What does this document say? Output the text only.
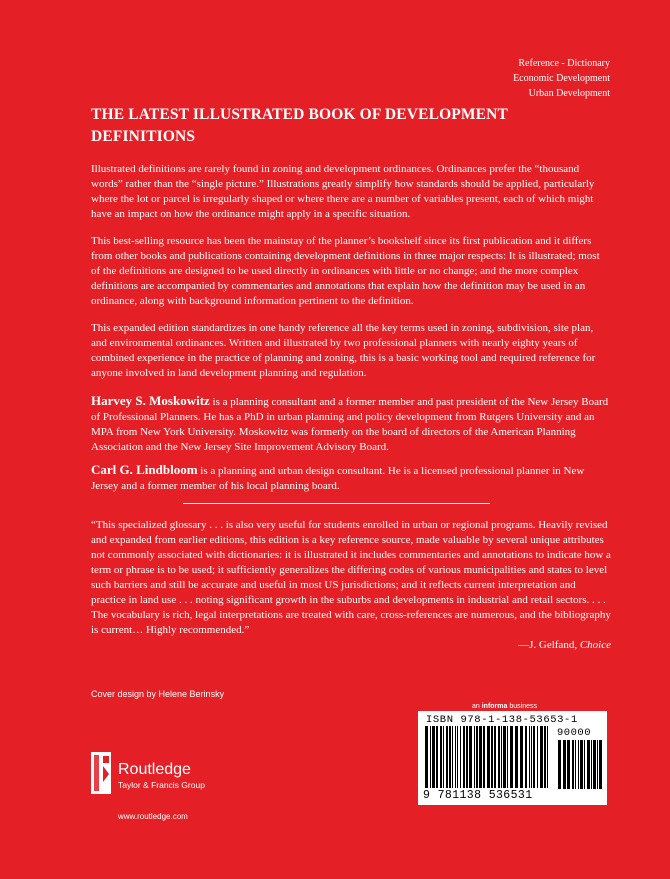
Reference - Dictionary
Economic Development
Urban Development
THE LATEST ILLUSTRATED BOOK OF DEVELOPMENT
DEFINITIONS

Illustrated definitions are rarely found in zoning and development ordinances. Ordinances prefer the “thousand words” rather than the “single picture.” Illustrations greatly simplify how standards should be applied, particularly where the lot or parcel is irregularly shaped or where there are a number of variables present, each of which might have an impact on how the ordinance might apply in a specific situation.

This best-selling resource has been the mainstay of the planner’s bookshelf since its first publication and it differs from other books and publications containing development definitions in three major respects: It is illustrated; most of the definitions are designed to be used directly in ordinances with little or no change; and the more complex definitions are accompanied by commentaries and annotations that explain how the definition may be used in an ordinance, along with background information pertinent to the definition.

This expanded edition standardizes in one handy reference all the key terms used in zoning, subdivision, site plan, and environmental ordinances. Written and illustrated by two professional planners with nearly eighty years of combined experience in the practice of planning and zoning, this is a basic working tool and required reference for anyone involved in land development planning and regulation.

Harvey S. Moskowitz is a planning consultant and a former member and past president of the New Jersey Board of Professional Planners. He has a PhD in urban planning and policy development from Rutgers University and an MPA from New York University. Moskowitz was formerly on the board of directors of the American Planning Association and the New Jersey Site Improvement Advisory Board.

Carl G. Lindbloom is a planning and urban design consultant. He is a licensed professional planner in New Jersey and a former member of his local planning board.

“This specialized glossary . . . is also very useful for students enrolled in urban or regional programs. Heavily revised and expanded from earlier editions, this edition is a key reference source, made valuable by several unique attributes not commonly associated with dictionaries: it is illustrated it includes commentaries and annotations to indicate how a term or phrase is to be used; it sufficiently generalizes the differing codes of various municipalities and states to level such barriers and still be accurate and useful in most US jurisdictions; and it reflects current interpretation and practice in land use . . . noting significant growth in the suburbs and developments in industrial and retail sectors. . . . The vocabulary is rich, legal interpretations are treated with care, cross-references are numerous, and the bibliography is current… Highly recommended.”

—J. Gelfand, Choice

Cover design by Helene Berinsky
an informa business
ISBN 978-1-138-53653-1
90000
9 781138 536531
Routledge
Taylor & Francis Group
www.routledge.com
